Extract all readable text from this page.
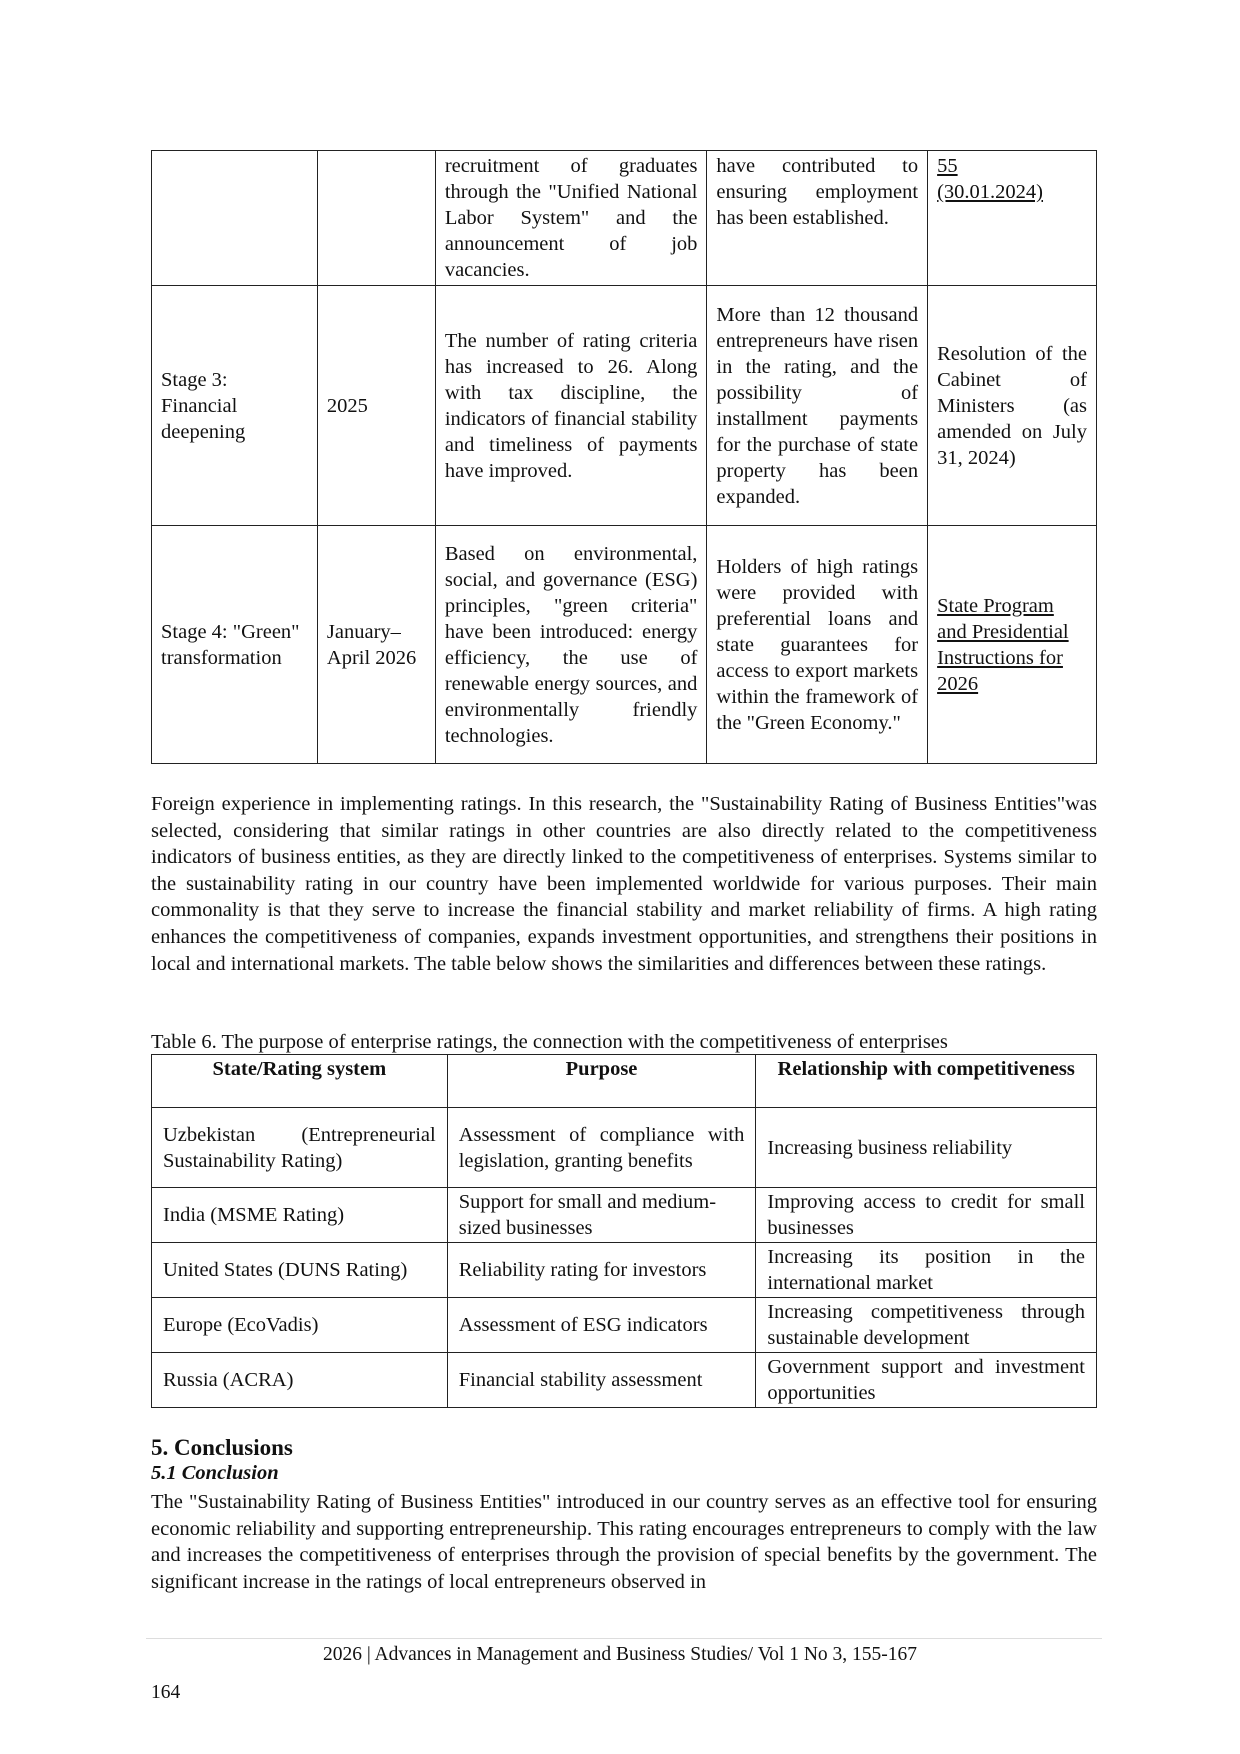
		recruitment of graduates through the "Unified National Labor System" and the announcement of job vacancies.	have contributed to ensuring employment has been established.	55
(30.01.2024)
Stage 3: Financial deepening	2025	The number of rating criteria has increased to 26. Along with tax discipline, the indicators of financial stability and timeliness of payments have improved.	More than 12 thousand entrepreneurs have risen in the rating, and the possibility of installment payments for the purchase of state property has been expanded.	Resolution of the Cabinet of Ministers (as amended on July 31, 2024)
Stage 4: "Green" transformation	January–April 2026	Based on environmental, social, and governance (ESG) principles, "green criteria" have been introduced: energy efficiency, the use of renewable energy sources, and environmentally friendly technologies.	Holders of high ratings were provided with preferential loans and state guarantees for access to export markets within the framework of the "Green Economy."	State Program and Presidential Instructions for 2026
Foreign experience in implementing ratings. In this research, the "Sustainability Rating of Business Entities"was selected, considering that similar ratings in other countries are also directly related to the competitiveness indicators of business entities, as they are directly linked to the competitiveness of enterprises. Systems similar to the sustainability rating in our country have been implemented worldwide for various purposes. Their main commonality is that they serve to increase the financial stability and market reliability of firms. A high rating enhances the competitiveness of companies, expands investment opportunities, and strengthens their positions in local and international markets. The table below shows the similarities and differences between these ratings.
Table 6. The purpose of enterprise ratings, the connection with the competitiveness of enterprises
State/Rating system	Purpose	Relationship with competitiveness
Uzbekistan (Entrepreneurial Sustainability Rating)	Assessment of compliance with legislation, granting benefits	Increasing business reliability
India (MSME Rating)	Support for small and medium-sized businesses	Improving access to credit for small businesses
United States (DUNS Rating)	Reliability rating for investors	Increasing its position in the international market
Europe (EcoVadis)	Assessment of ESG indicators	Increasing competitiveness through sustainable development
Russia (ACRA)	Financial stability assessment	Government support and investment opportunities
5. Conclusions
5.1 Conclusion
The "Sustainability Rating of Business Entities" introduced in our country serves as an effective tool for ensuring economic reliability and supporting entrepreneurship. This rating encourages entrepreneurs to comply with the law and increases the competitiveness of enterprises through the provision of special benefits by the government. The significant increase in the ratings of local entrepreneurs observed in
2026 | Advances in Management and Business Studies/ Vol 1 No 3, 155-167
164
